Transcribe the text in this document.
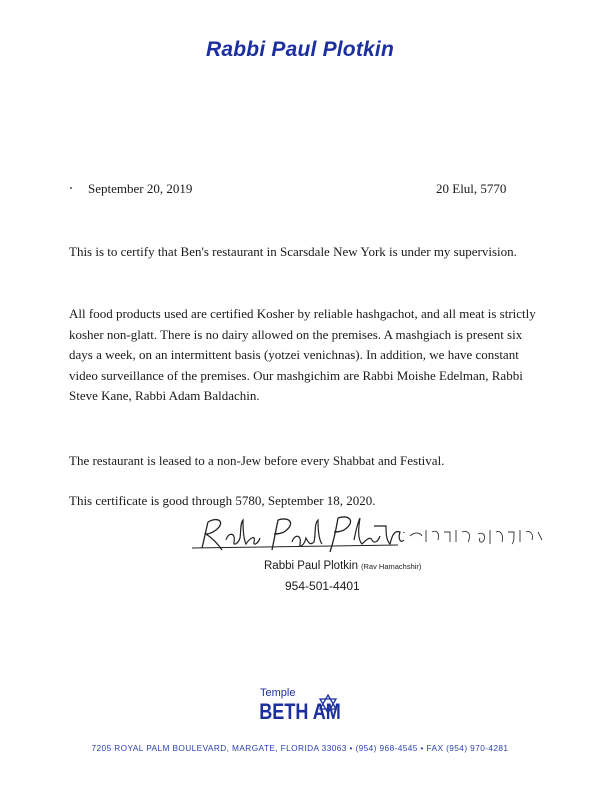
Rabbi Paul Plotkin
September 20, 2019	20 Elul, 5770
This is to certify that Ben's restaurant in Scarsdale New York is under my supervision.
All food products used are certified Kosher by reliable hashgachot, and all meat is strictly kosher non-glatt. There is no dairy allowed on the premises. A mashgiach is present six days a week, on an intermittent basis (yotzei venichnas). In addition, we have constant video surveillance of the premises. Our mashgichim are Rabbi Moishe Edelman, Rabbi Steve Kane, Rabbi Adam Baldachin.
The restaurant is leased to a non-Jew before every Shabbat and Festival.
This certificate is good through 5780, September 18, 2020.
Rabbi Paul Plotkin (Rav Hamachshir)
954-501-4401
Temple
BETH AM
7205 ROYAL PALM BOULEVARD, MARGATE, FLORIDA 33063 • (954) 968-4545 • FAX (954) 970-4281
